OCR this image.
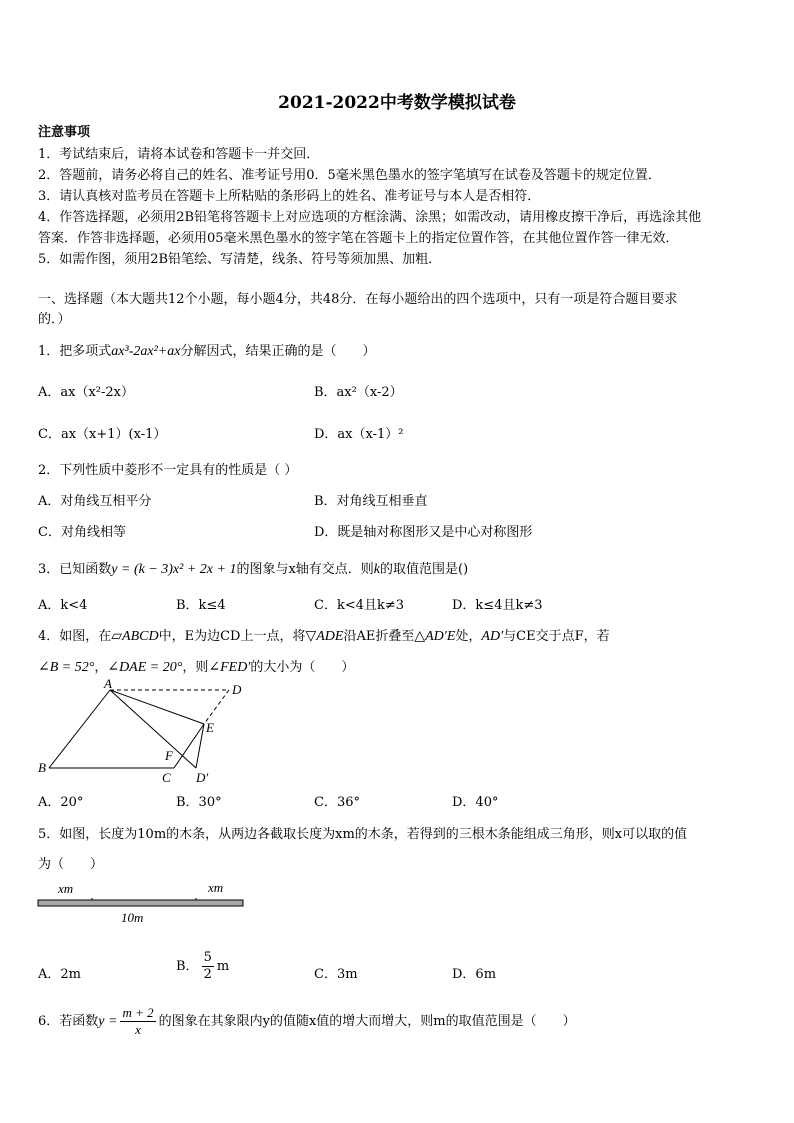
2021-2022中考数学模拟试卷
注意事项
1．考试结束后，请将本试卷和答题卡一并交回．
2．答题前，请务必将自己的姓名、准考证号用0．5毫米黑色墨水的签字笔填写在试卷及答题卡的规定位置．
3．请认真核对监考员在答题卡上所粘贴的条形码上的姓名、准考证号与本人是否相符．
4．作答选择题，必须用2B铅笔将答题卡上对应选项的方框涂满、涂黑；如需改动，请用橡皮擦干净后，再选涂其他
答案．作答非选择题，必须用05毫米黑色墨水的签字笔在答题卡上的指定位置作答，在其他位置作答一律无效．
5．如需作图，须用2B铅笔绘、写清楚，线条、符号等须加黑、加粗．
一、选择题（本大题共12个小题，每小题4分，共48分．在每小题给出的四个选项中，只有一项是符合题目要求
的．）
1．把多项式ax³-2ax²+ax分解因式，结果正确的是（　　）
A．ax（x²-2x）	B．ax²（x-2）
C．ax（x+1）(x-1）	D．ax（x-1）²
2．下列性质中菱形不一定具有的性质是（ ）
A．对角线互相平分	B．对角线互相垂直
C．对角线相等	D．既是轴对称图形又是中心对称图形
3．已知函数y = (k − 3)x² + 2x + 1的图象与x轴有交点．则k的取值范围是()
A．k<4	B．k≤4	C．k<4且k≠3	D．k≤4且k≠3
4．如图，在▱ABCD中，E为边CD上一点，将▽ADE沿AE折叠至△AD′E处，AD′与CE交于点F，若
∠B = 52°，∠DAE = 20°，则∠FED′的大小为（　　）
A	D
E
F
B
C D′
A．20°	B．30°	C．36°	D．40°
5．如图，长度为10m的木条，从两边各截取长度为xm的木条，若得到的三根木条能组成三角形，则x可以取的值
为（　　）
xm	xm
10m
A．2m
B． $\frac{5}{2}$ m
C．3m	D．6m
6．若函数$y = \frac{m + 2}{x}$ 的图象在其象限内y的值随x值的增大而增大，则m的取值范围是（　　）
